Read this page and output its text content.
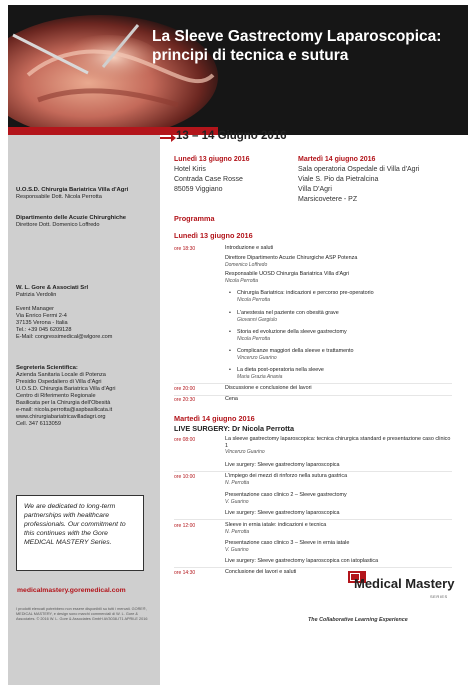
La Sleeve Gastrectomy Laparoscopica:
principi di tecnica e sutura
U.O.S.D. Chirurgia Bariatrica Villa d'Agri
Responsabile Dott. Nicola Perrotta
Dipartimento delle Acuzie Chirurghiche
Direttore Dott. Domenico Loffredo
W. L. Gore & Associati Srl
Patrizia Verdolin

Event Manager
Via Enrico Fermi 2-4
37135 Verona - Italia
Tel.: +39 045 6209128
E-Mail: congressimedical@wlgore.com
Segreteria Scientifica:
Azienda Sanitaria Locale di Potenza
Presidio Ospedaliero di Villa d'Agri
U.O.S.D. Chirurgia Bariatrica Villa d'Agri
Centro di Riferimento Regionale
Basilicata per la Chirurgia dell'Obesità
e-mail: nicola.perrotta@aspbasilicata.it
www.chirurgiabariatricavilladagri.org
Cell. 347 6113059
We are dedicated to long-term partnerships with healthcare professionals. Our commitment to this continues with the Gore MEDICAL MASTERY Series.
medicalmastery.goremedical.com
I prodotti elencati potrebbero non essere disponibili su tutti i mercati. GORE®, MEDICAL MASTERY, e design sono marchi commerciali di W. L. Gore & Associates. © 2016 W. L. Gore & Associates GmbH AV3038-IT1 APRILE 2016
13 – 14 Giugno 2016
Lunedì 13 giugno 2016
Hotel Kiris
Contrada Case Rosse
85059 Viggiano
Martedì 14 giugno 2016
Sala operatoria Ospedale di Villa d'Agri
Viale S. Pio da Pietralcina
Villa D'Agri
Marsicovetere - PZ
Programma
Lunedì 13 giugno 2016
ore 18:30	Introduzione e saluti
Direttore Dipartimento Acuzie Chirurgiche ASP Potenza
Domenico Loffredo
Responsabile UOSD Chirurgia Bariatrica Villa d'Agri
Nicola Perrotta
• Chirurgia Bariatrica: indicazioni e percorso pre-operatorio
Nicola Perrotta
• L'anestesia nel paziente con obesità grave
Giovanni Gargiulo
• Storia ed evoluzione della sleeve gastrectomy
Nicola Perrotta
• Complicanze maggiori della sleeve e trattamento
Vincenzo Guarino
• La dieta post-operatoria nella sleeve
Maria Grazia Anania
ore 20:00	Discussione e conclusione dei lavori
ore 20:30	Cena
Martedì 14 giugno 2016
LIVE SURGERY: Dr Nicola Perrotta
ore 08:00	La sleeve gastrectomy laparoscopica: tecnica chirurgica standard e presentazione caso clinico 1
Vincenzo Guarino
Live surgery: Sleeve gastrectomy laparoscopica
ore 10:00	L'impiego dei mezzi di rinforzo nella sutura gastrica
N. Perrotta
Presentazione caso clinico 2 – Sleeve gastrectomy
V. Guarino
Live surgery: Sleeve gastrectomy laparoscopica
ore 12:00	Sleeve in ernia iatale: indicazioni e tecnica
N. Perrotta
Presentazione caso clinico 3 – Sleeve in ernia iatale
V. Guarino
Live surgery: Sleeve gastrectomy laparoscopica con iatoplastica
ore 14:30	Conclusione dei lavori e saluti
Medical Mastery
SERIES
The Collaborative Learning Experience
